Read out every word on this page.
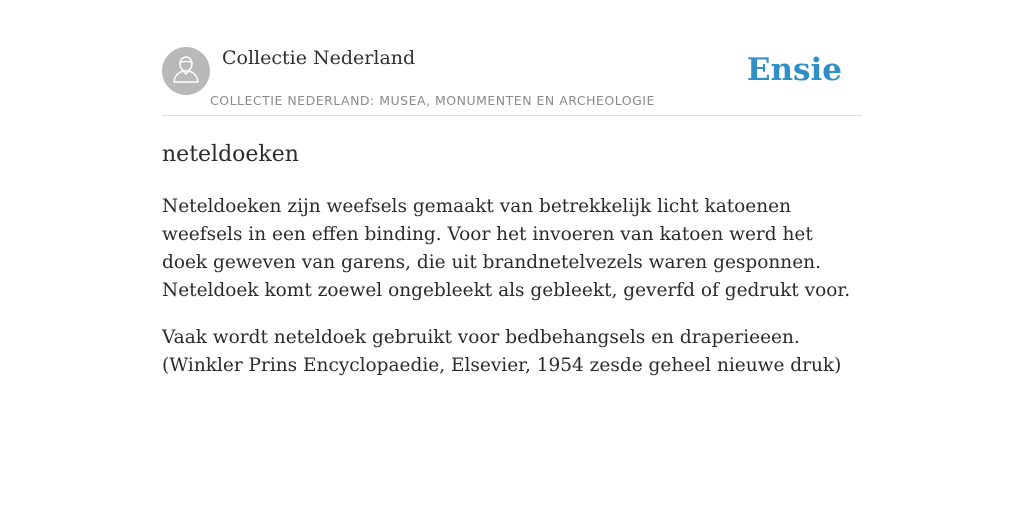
Collectie Nederland
COLLECTIE NEDERLAND: MUSEA, MONUMENTEN EN ARCHEOLOGIE
Ensie
neteldoeken

Neteldoeken zijn weefsels gemaakt van betrekkelijk licht katoenen weefsels in een effen binding. Voor het invoeren van katoen werd het doek geweven van garens, die uit brandnetelvezels waren gesponnen. Neteldoek komt zoewel ongebleekt als gebleekt, geverfd of gedrukt voor.

Vaak wordt neteldoek gebruikt voor bedbehangsels en draperieeen. (Winkler Prins Encyclopaedie, Elsevier, 1954 zesde geheel nieuwe druk)
